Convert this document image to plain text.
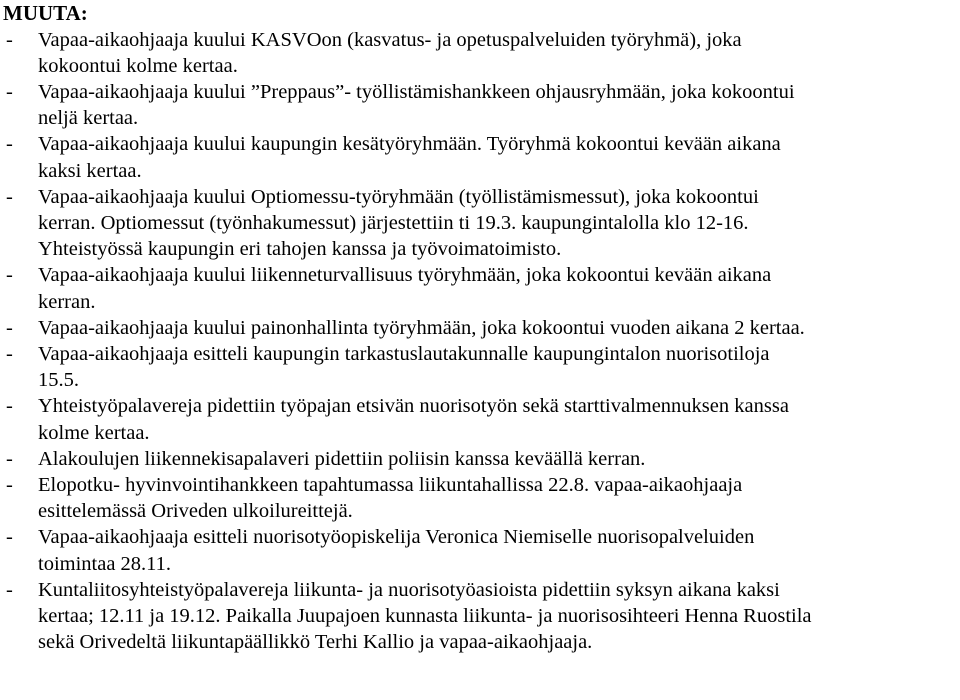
MUUTA:
- Vapaa-aikaohjaaja kuului KASVOon (kasvatus- ja opetuspalveluiden työryhmä), joka
kokoontui kolme kertaa.
- Vapaa-aikaohjaaja kuului ”Preppaus”- työllistämishankkeen ohjausryhmään, joka kokoontui
neljä kertaa.
- Vapaa-aikaohjaaja kuului kaupungin kesätyöryhmään. Työryhmä kokoontui kevään aikana
kaksi kertaa.
- Vapaa-aikaohjaaja kuului Optiomessu-työryhmään (työllistämismessut), joka kokoontui
kerran. Optiomessut (työnhakumessut) järjestettiin ti 19.3. kaupungintalolla klo 12-16.
Yhteistyössä kaupungin eri tahojen kanssa ja työvoimatoimisto.
- Vapaa-aikaohjaaja kuului liikenneturvallisuus työryhmään, joka kokoontui kevään aikana
kerran.
- Vapaa-aikaohjaaja kuului painonhallinta työryhmään, joka kokoontui vuoden aikana 2 kertaa.
- Vapaa-aikaohjaaja esitteli kaupungin tarkastuslautakunnalle kaupungintalon nuorisotiloja
15.5.
- Yhteistyöpalavereja pidettiin työpajan etsivän nuorisotyön sekä starttivalmennuksen kanssa
kolme kertaa.
- Alakoulujen liikennekisapalaveri pidettiin poliisin kanssa keväällä kerran.
- Elopotku- hyvinvointihankkeen tapahtumassa liikuntahallissa 22.8. vapaa-aikaohjaaja
esittelemässä Oriveden ulkoilureittejä.
- Vapaa-aikaohjaaja esitteli nuorisotyöopiskelija Veronica Niemiselle nuorisopalveluiden
toimintaa 28.11.
- Kuntaliitosyhteistyöpalavereja liikunta- ja nuorisotyöasioista pidettiin syksyn aikana kaksi
kertaa; 12.11 ja 19.12. Paikalla Juupajoen kunnasta liikunta- ja nuorisosihteeri Henna Ruostila
sekä Orivedeltä liikuntapäällikkö Terhi Kallio ja vapaa-aikaohjaaja.
